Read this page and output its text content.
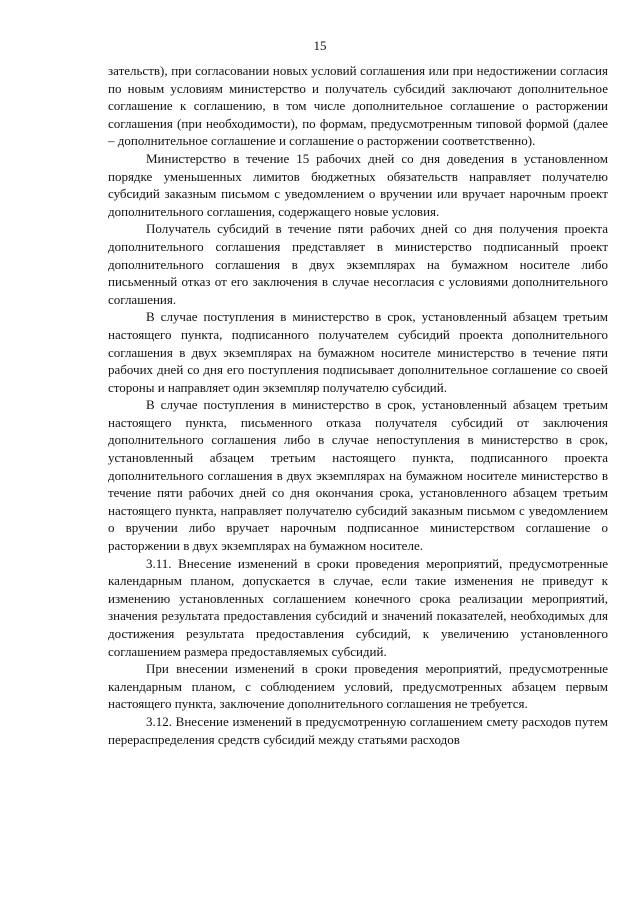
15

зательств), при согласовании новых условий соглашения или при недостижении согласия по новым условиям министерство и получатель субсидий заключают дополнительное соглашение к соглашению, в том числе дополнительное соглашение о расторжении соглашения (при необходимости), по формам, предусмотренным типовой формой (далее – дополнительное соглашение и соглашение о расторжении соответственно).

Министерство в течение 15 рабочих дней со дня доведения в установленном порядке уменьшенных лимитов бюджетных обязательств направляет получателю субсидий заказным письмом с уведомлением о вручении или вручает нарочным проект дополнительного соглашения, содержащего новые условия.

Получатель субсидий в течение пяти рабочих дней со дня получения проекта дополнительного соглашения представляет в министерство подписанный проект дополнительного соглашения в двух экземплярах на бумажном носителе либо письменный отказ от его заключения в случае несогласия с условиями дополнительного соглашения.

В случае поступления в министерство в срок, установленный абзацем третьим настоящего пункта, подписанного получателем субсидий проекта дополнительного соглашения в двух экземплярах на бумажном носителе министерство в течение пяти рабочих дней со дня его поступления подписывает дополнительное соглашение со своей стороны и направляет один экземпляр получателю субсидий.

В случае поступления в министерство в срок, установленный абзацем третьим настоящего пункта, письменного отказа получателя субсидий от заключения дополнительного соглашения либо в случае непоступления в министерство в срок, установленный абзацем третьим настоящего пункта, подписанного проекта дополнительного соглашения в двух экземплярах на бумажном носителе министерство в течение пяти рабочих дней со дня окончания срока, установленного абзацем третьим настоящего пункта, направляет получателю субсидий заказным письмом с уведомлением о вручении либо вручает нарочным подписанное министерством соглашение о расторжении в двух экземплярах на бумажном носителе.

3.11. Внесение изменений в сроки проведения мероприятий, предусмотренные календарным планом, допускается в случае, если такие изменения не приведут к изменению установленных соглашением конечного срока реализации мероприятий, значения результата предоставления субсидий и значений показателей, необходимых для достижения результата предоставления субсидий, к увеличению установленного соглашением размера предоставляемых субсидий.

При внесении изменений в сроки проведения мероприятий, предусмотренные календарным планом, с соблюдением условий, предусмотренных абзацем первым настоящего пункта, заключение дополнительного соглашения не требуется.

3.12. Внесение изменений в предусмотренную соглашением смету расходов путем перераспределения средств субсидий между статьями расходов
